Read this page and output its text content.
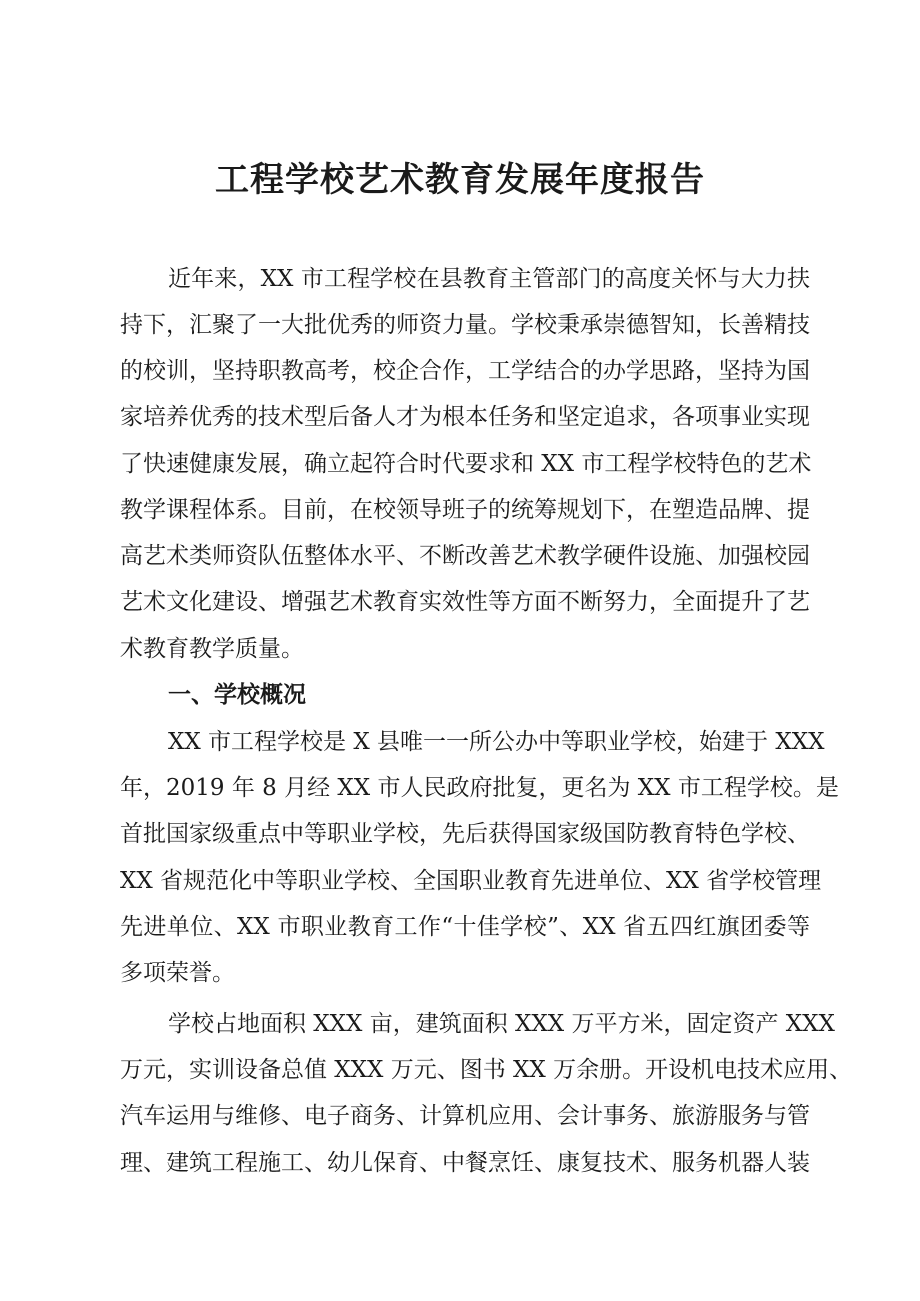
工程学校艺术教育发展年度报告

近年来，XX 市工程学校在县教育主管部门的高度关怀与大力扶

持下，汇聚了一大批优秀的师资力量。学校秉承崇德智知，长善精技

的校训，坚持职教高考，校企合作，工学结合的办学思路，坚持为国

家培养优秀的技术型后备人才为根本任务和坚定追求，各项事业实现

了快速健康发展，确立起符合时代要求和 XX 市工程学校特色的艺术

教学课程体系。目前，在校领导班子的统筹规划下，在塑造品牌、提

高艺术类师资队伍整体水平、不断改善艺术教学硬件设施、加强校园

艺术文化建设、增强艺术教育实效性等方面不断努力，全面提升了艺

术教育教学质量。

一、学校概况

XX 市工程学校是 X 县唯一一所公办中等职业学校，始建于 XXX

年，2019 年 8 月经 XX 市人民政府批复，更名为 XX 市工程学校。是

首批国家级重点中等职业学校，先后获得国家级国防教育特色学校、

XX 省规范化中等职业学校、全国职业教育先进单位、XX 省学校管理

先进单位、XX 市职业教育工作“十佳学校”、XX 省五四红旗团委等

多项荣誉。

学校占地面积 XXX 亩，建筑面积 XXX 万平方米，固定资产 XXX

万元，实训设备总值 XXX 万元、图书 XX 万余册。开设机电技术应用、

汽车运用与维修、电子商务、计算机应用、会计事务、旅游服务与管

理、建筑工程施工、幼儿保育、中餐烹饪、康复技术、服务机器人装
